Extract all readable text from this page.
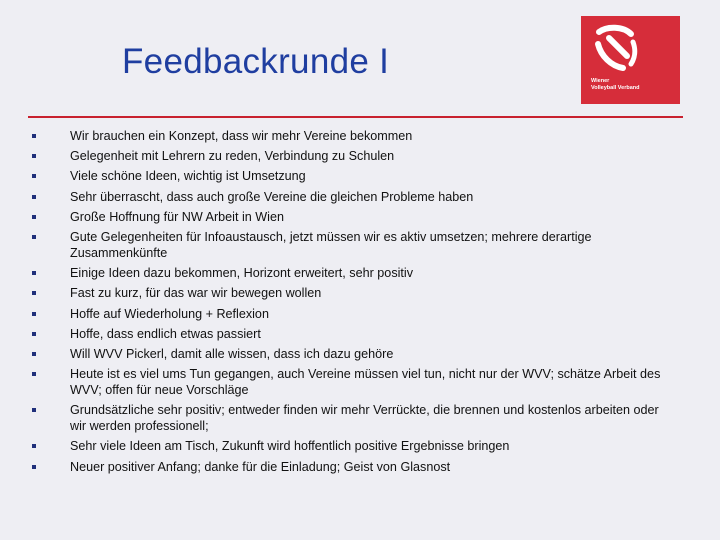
Feedbackrunde I	Wiener
Volleyball Verband
Wir brauchen ein Konzept, dass wir mehr Vereine bekommen
Gelegenheit mit Lehrern zu reden, Verbindung zu Schulen
Viele schöne Ideen, wichtig ist Umsetzung
Sehr überrascht, dass auch große Vereine die gleichen Probleme haben
Große Hoffnung für NW Arbeit in Wien
Gute Gelegenheiten für Infoaustausch, jetzt müssen wir es aktiv umsetzen; mehrere derartige Zusammenkünfte
Einige Ideen dazu bekommen, Horizont erweitert, sehr positiv
Fast zu kurz, für das war wir bewegen wollen
Hoffe auf Wiederholung + Reflexion
Hoffe, dass endlich etwas passiert
Will WVV Pickerl, damit alle wissen, dass ich dazu gehöre
Heute ist es viel ums Tun gegangen, auch Vereine müssen viel tun, nicht nur der WVV; schätze Arbeit des WVV; offen für neue Vorschläge
Grundsätzliche sehr positiv; entweder finden wir mehr Verrückte, die brennen und kostenlos arbeiten oder wir werden professionell;
Sehr viele Ideen am Tisch, Zukunft wird hoffentlich positive Ergebnisse bringen
Neuer positiver Anfang; danke für die Einladung; Geist von Glasnost
